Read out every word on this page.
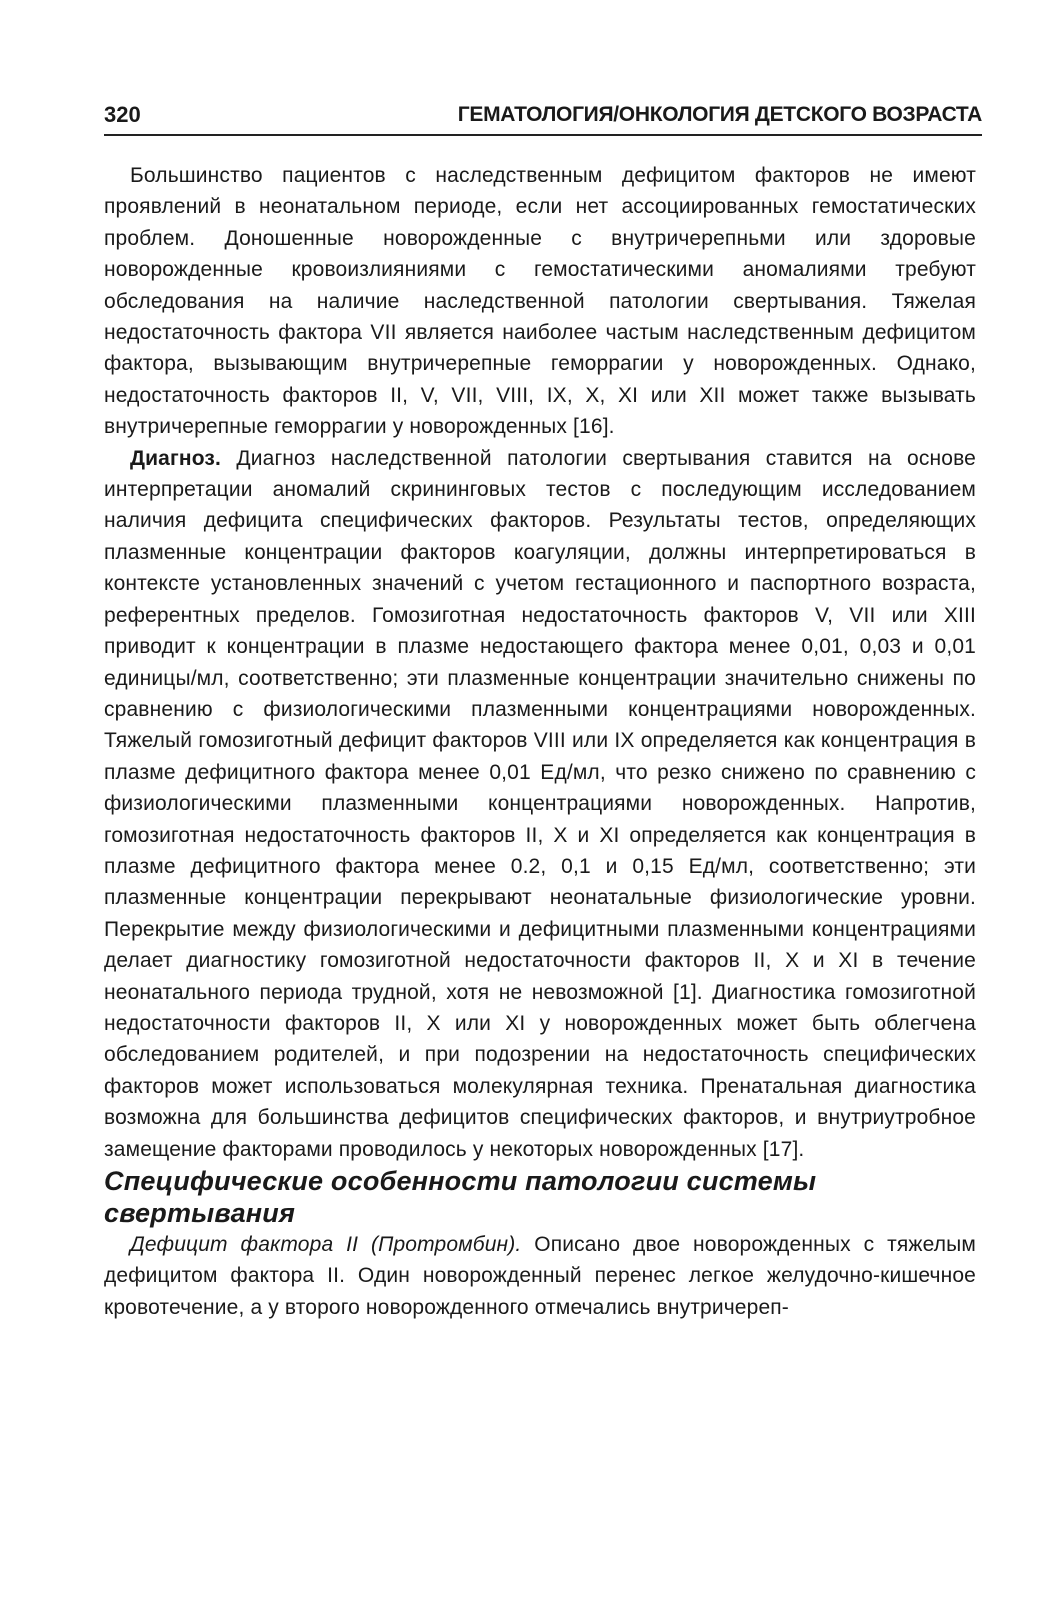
320	ГЕМАТОЛОГИЯ/ОНКОЛОГИЯ ДЕТСКОГО ВОЗРАСТА

Большинство пациентов с наследственным дефицитом факторов не имеют проявлений в неонатальном периоде, если нет ассоциированных гемостатических проблем. Доношенные новорожденные с внутричерепньми или здоровые новорожденные кровоизлияниями с гемостатическими аномалиями требуют обследования на наличие наследственной патологии свертывания. Тяжелая недостаточность фактора VII является наиболее частым наследственным дефицитом фактора, вызывающим внутричерепные геморрагии у новорожденных. Однако, недостаточность факторов II, V, VII, VIII, IX, X, XI или XII может также вызывать внутричерепные геморрагии у новорожденных [16].

Диагноз. Диагноз наследственной патологии свертывания ставится на основе интерпретации аномалий скрининговых тестов с последующим исследованием наличия дефицита специфических факторов. Результаты тестов, определяющих плазменные концентрации факторов коагуляции, должны интерпретироваться в контексте установленных значений с учетом гестационного и паспортного возраста, референтных пределов. Гомозиготная недостаточность факторов V, VII или XIII приводит к концентрации в плазме недостающего фактора менее 0,01, 0,03 и 0,01 единицы/мл, соответственно; эти плазменные концентрации значительно снижены по сравнению с физиологическими плазменными концентрациями новорожденных. Тяжелый гомозиготный дефицит факторов VIII или IX определяется как концентрация в плазме дефицитного фактора менее 0,01 Ед/мл, что резко снижено по сравнению с физиологическими плазменными концентрациями новорожденных. Напротив, гомозиготная недостаточность факторов II, X и XI определяется как концентрация в плазме дефицитного фактора менее 0.2, 0,1 и 0,15 Ед/мл, соответственно; эти плазменные концентрации перекрывают неонатальные физиологические уровни. Перекрытие между физиологическими и дефицитными плазменными концентрациями делает диагностику гомозиготной недостаточности факторов II, X и XI в течение неонатального периода трудной, хотя не невозможной [1]. Диагностика гомозиготной недостаточности факторов II, X или XI у новорожденных может быть облегчена обследованием родителей, и при подозрении на недостаточность специфических факторов может использоваться молекулярная техника. Пренатальная диагностика возможна для большинства дефицитов специфических факторов, и внутриутробное замещение факторами проводилось у некоторых новорожденных [17].

Специфические особенности патологии системы свертывания

Дефицит фактора II (Протромбин). Описано двое новорожденных с тяжелым дефицитом фактора II. Один новорожденный перенес легкое желудочно-кишечное кровотечение, а у второго новорожденного отмечались внутричереп-
